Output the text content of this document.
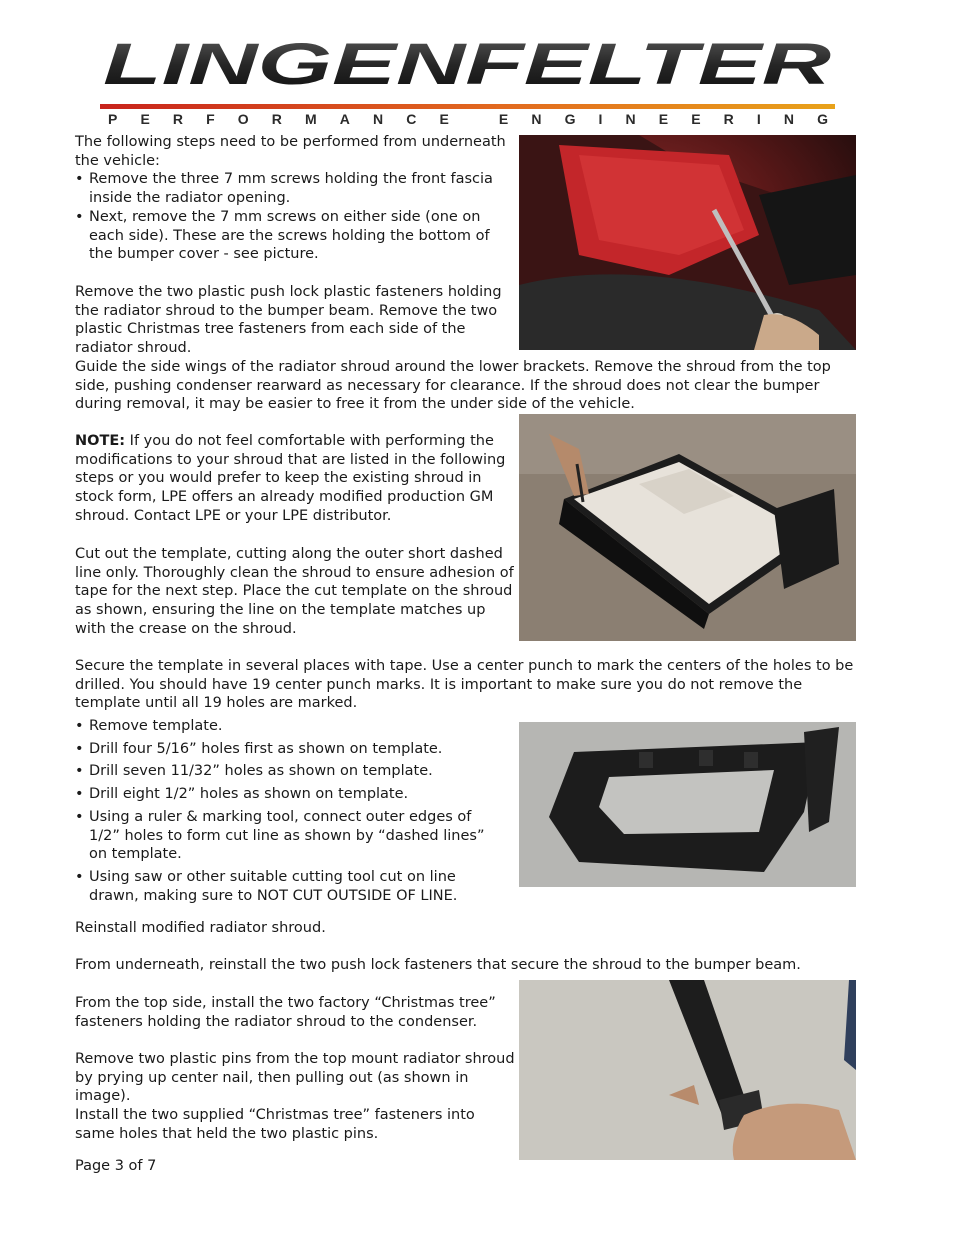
LINGENFELTER
PERFORMANCE ENGINEERING
The following steps need to be performed from underneath the vehicle:
• Remove the three 7 mm screws holding the front fascia inside the radiator opening.
• Next, remove the 7 mm screws on either side (one on each side). These are the screws holding the bottom of the bumper cover - see picture.
Remove the two plastic push lock plastic fasteners holding the radiator shroud to the bumper beam. Remove the two plastic Christmas tree fasteners from each side of the radiator shroud.
Guide the side wings of the radiator shroud around the lower brackets. Remove the shroud from the top side, pushing condenser rearward as necessary for clearance. If the shroud does not clear the bumper during removal, it may be easier to free it from the under side of the vehicle.
NOTE: If you do not feel comfortable with performing the modifications to your shroud that are listed in the following steps or you would prefer to keep the existing shroud in stock form, LPE offers an already modified production GM shroud. Contact LPE or your LPE distributor.
Cut out the template, cutting along the outer short dashed line only. Thoroughly clean the shroud to ensure adhesion of tape for the next step. Place the cut template on the shroud as shown, ensuring the line on the template matches up with the crease on the shroud.
Secure the template in several places with tape. Use a center punch to mark the centers of the holes to be drilled. You should have 19 center punch marks. It is important to make sure you do not remove the template until all 19 holes are marked.
• Remove template.
• Drill four 5/16” holes first as shown on template.
• Drill seven 11/32” holes as shown on template.
• Drill eight 1/2” holes as shown on template.
• Using a ruler & marking tool, connect outer edges of 1/2” holes to form cut line as shown by “dashed lines” on template.
• Using saw or other suitable cutting tool cut on line drawn, making sure to NOT CUT OUTSIDE OF LINE.
Reinstall modified radiator shroud.
From underneath, reinstall the two push lock fasteners that secure the shroud to the bumper beam.
From the top side, install the two factory “Christmas tree” fasteners holding the radiator shroud to the condenser.
Remove two plastic pins from the top mount radiator shroud by prying up center nail, then pulling out (as shown in image).
Install the two supplied “Christmas tree” fasteners into same holes that held the two plastic pins.
Page 3 of 7
